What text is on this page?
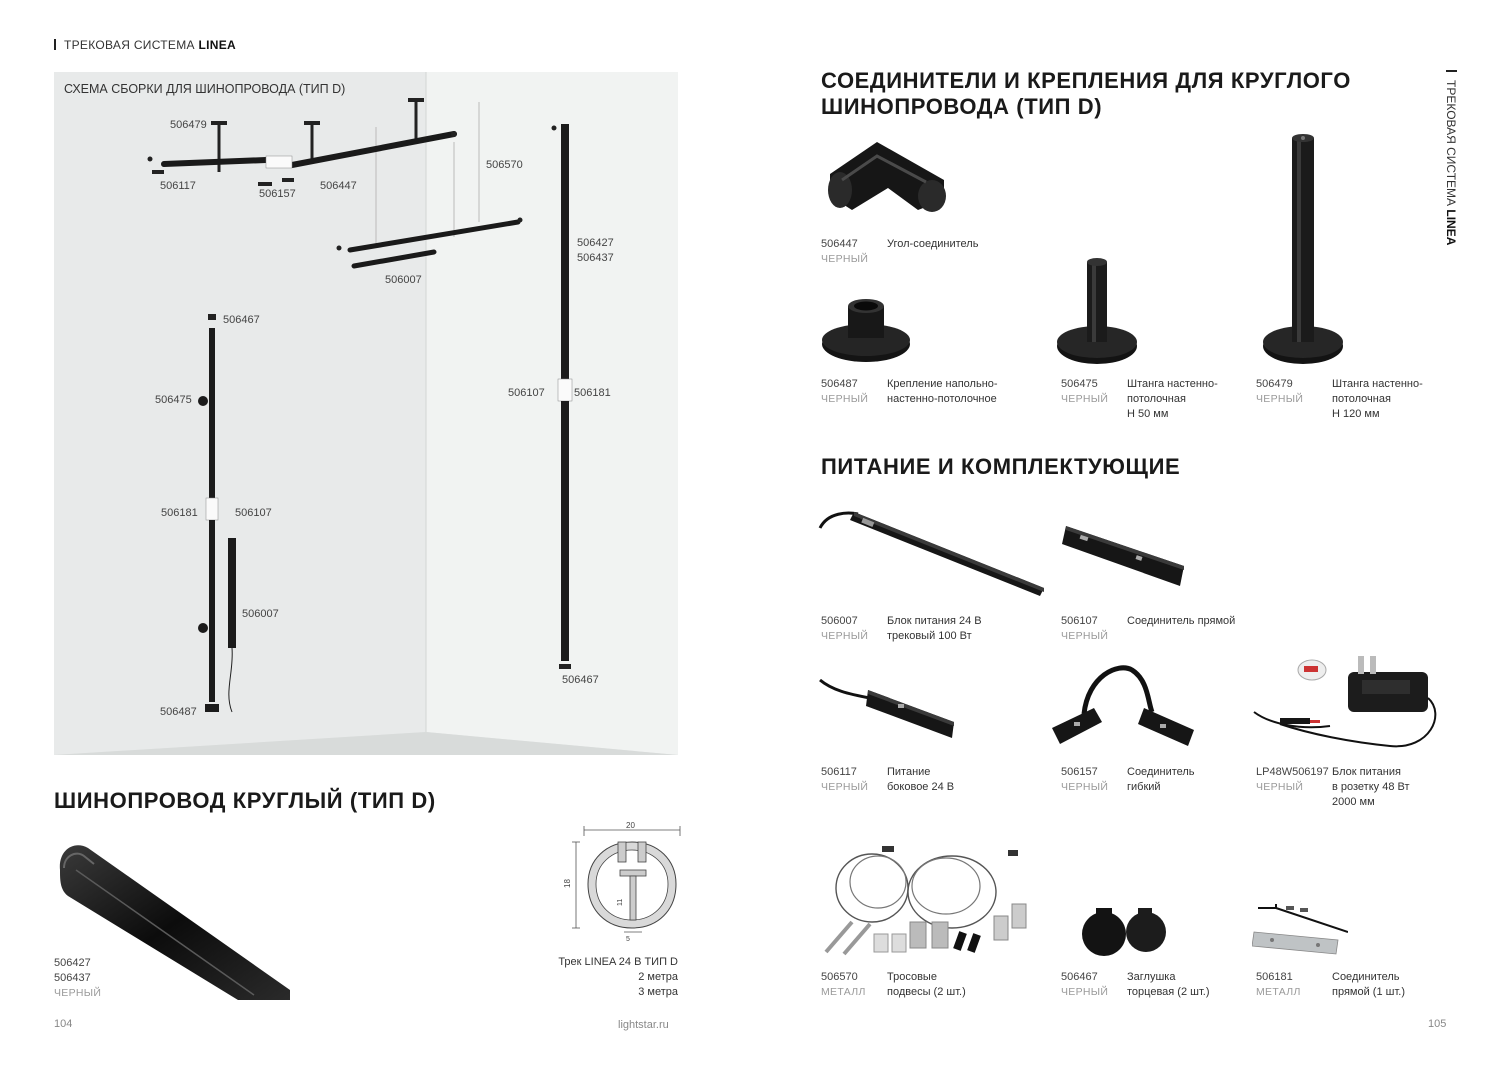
ТРЕКОВАЯ СИСТЕМА LINEA
СХЕМА СБОРКИ ДЛЯ ШИНОПРОВОДА (ТИП D)
506479
506117
506157
506447
506570
506427
506437
506007
506467
506475
506107	506181
506181	506107
506007
506467
506487
ШИНОПРОВОД КРУГЛЫЙ (ТИП D)
506427
506437
ЧЕРНЫЙ
20
18
11
5
Трек LINEA 24 В ТИП D
2 метра
3 метра
104	lightstar.ru
ТРЕКОВАЯ СИСТЕМА LINEA
СОЕДИНИТЕЛИ И КРЕПЛЕНИЯ ДЛЯ КРУГЛОГО
ШИНОПРОВОДА (ТИП D)
ПИТАНИЕ И КОМПЛЕКТУЮЩИЕ
506447
ЧЕРНЫЙ
Угол-соединитель
506487
ЧЕРНЫЙ
Крепление напольно-
настенно-потолочное
506475
ЧЕРНЫЙ
Штанга настенно-
потолочная
H 50 мм
506479
ЧЕРНЫЙ
Штанга настенно-
потолочная
H 120 мм
506007
ЧЕРНЫЙ
Блок питания 24 В
трековый 100 Вт
506107
ЧЕРНЫЙ
Соединитель прямой
506117
ЧЕРНЫЙ
Питание
боковое 24 В
506157
ЧЕРНЫЙ
Соединитель
гибкий
LP48W506197
ЧЕРНЫЙ
Блок питания
в розетку 48 Вт
2000 мм
506570
МЕТАЛЛ
Тросовые
подвесы (2 шт.)
506467
ЧЕРНЫЙ
Заглушка
торцевая (2 шт.)
506181
МЕТАЛЛ
Соединитель
прямой (1 шт.)
105
